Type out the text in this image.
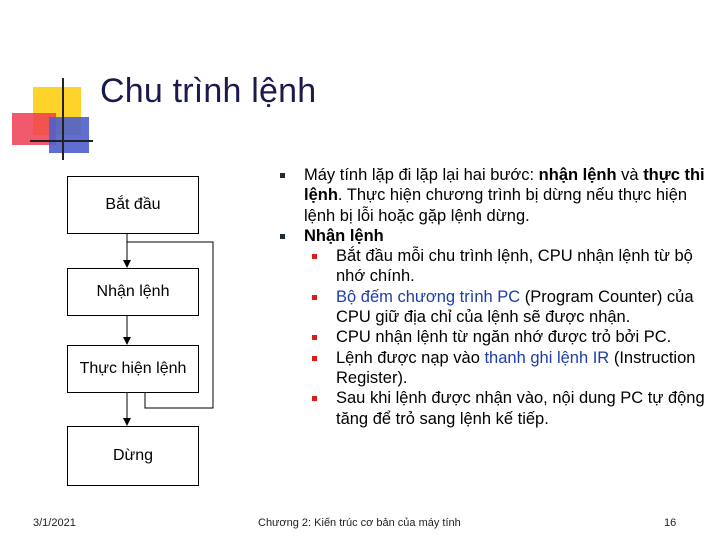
Chu trình lệnh
Bắt đầu
Nhận lệnh
Thực hiện lệnh
Dừng
Máy tính lặp đi lặp lại hai bước: nhận lệnh và thực thi lệnh. Thực hiện chương trình bị dừng nếu thực hiện lệnh bị lỗi hoặc gặp lệnh dừng.
Nhận lệnh
Bắt đầu mỗi chu trình lệnh, CPU nhận lệnh từ bộ nhớ chính.
Bộ đếm chương trình PC (Program Counter) của CPU giữ địa chỉ của lệnh sẽ được nhận.
CPU nhận lệnh từ ngăn nhớ được trỏ bởi PC.
Lệnh được nạp vào thanh ghi lệnh IR (Instruction Register).
Sau khi lệnh được nhận vào, nội dung PC tự động tăng để trỏ sang lệnh kế tiếp.
3/1/2021	Chương 2: Kiến trúc cơ bản của máy tính	16
